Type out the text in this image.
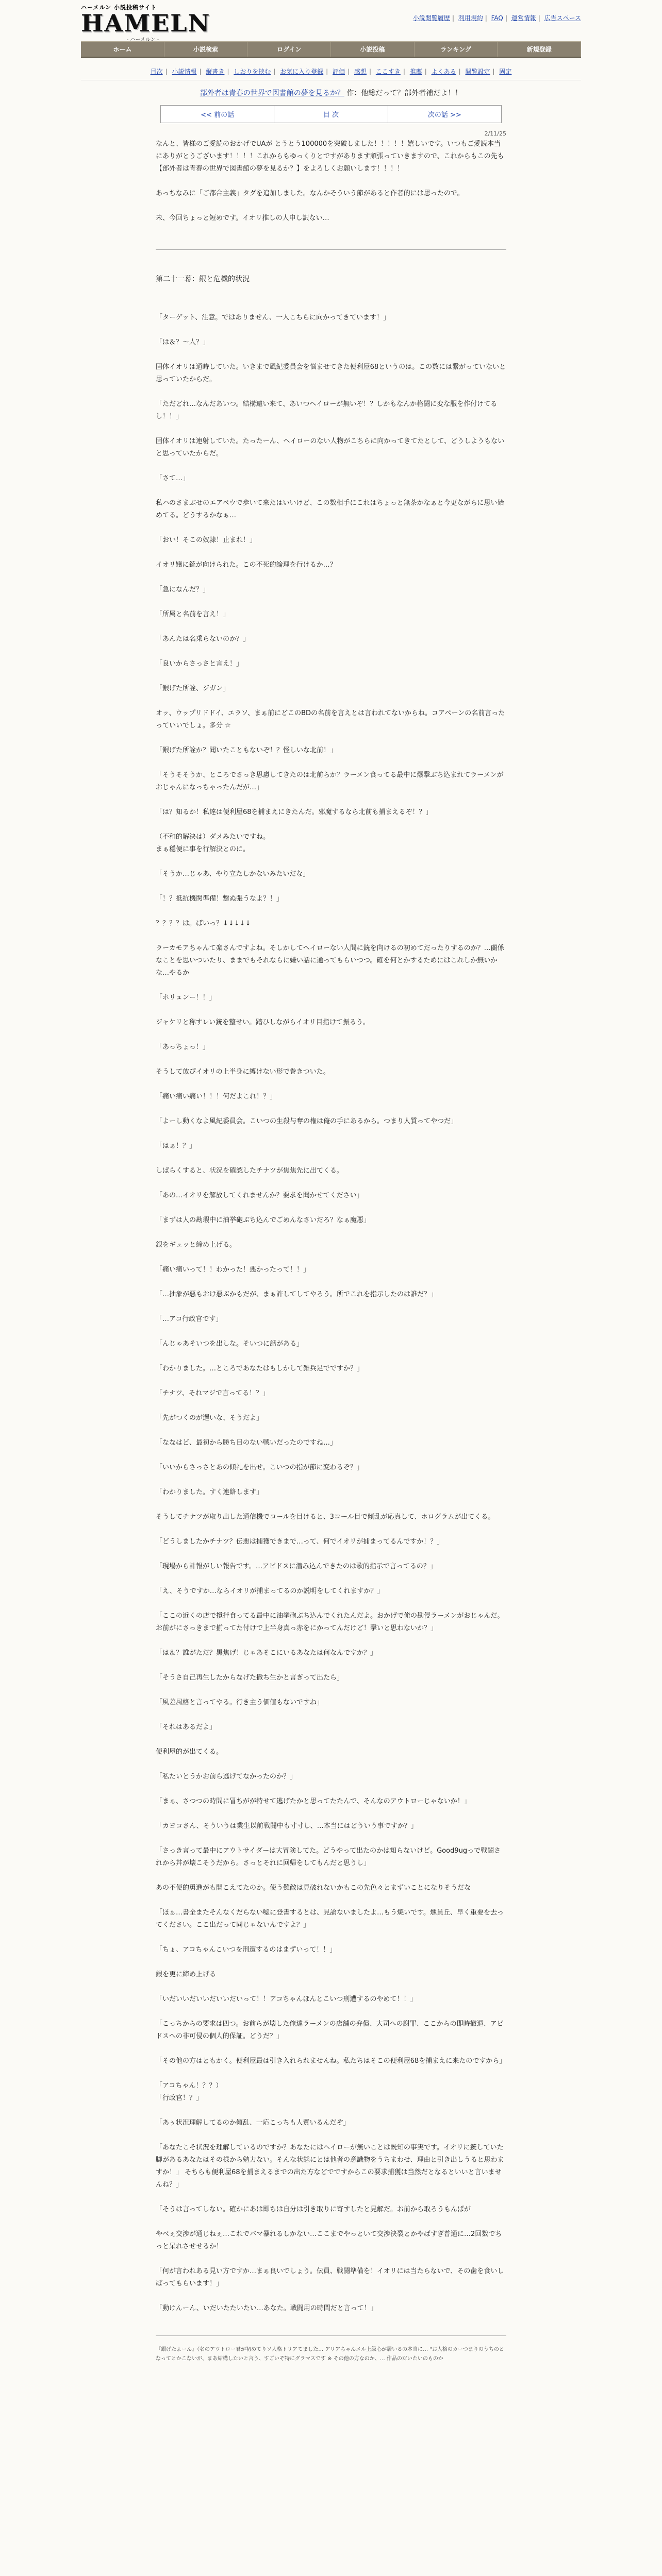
ハーメルン 小説投稿サイト
HAMELN
- ハーメルン -
小説閲覧履歴 | 利用規約 | FAQ | 運営情報 | 広告スペース
ホーム	小説検索	ログイン	小説投稿	ランキング	新規登録
目次 | 小説情報 | 縦書き | しおりを挟む | お気に入り登録 | 評価 | 感想 | ここすき | 推薦 | よくある | 閲覧設定 | 固定
部外者は青春の世界で図書館の夢を見るか？ 作：他総だって？部外者補だよ！！
<< 前の話	目 次	次の話 >>
2/11/25

なんと、皆様のご愛読のおかげでUAが とうとう100000を突破しました！！！！！嬉しいです。いつもご愛読本当にありがとうございます！！！！これからもゆっくりとですがあります頑張っていきますので、これからもこの先も【部外者は青春の世界で図書館の夢を見るか？】をよろしくお願いします！！！！

あっちなみに「ご都合主義」タグを追加しました。なんかそういう節があると作者的には思ったので。

未、今回ちょっと短めです。イオリ推しの人申し訳ない…

第二十一幕：銀と危機的状況

「ターゲット、注意。ではありません、一人こちらに向かってきています！」

「は＆？〜人？」

固体イオリは通時していた。いきまで風紀委員会を悩ませてきた便利屋68というのは。この数には繋がっていないと思っていたからだ。

「ただどれ…なんだあいつ。結構遠い来て、あいつヘイローが無いぞ！？しかもなんか格闘に変な服を作付けてるし！！」

固体イオリは連射していた。たったーん、ヘイローのない人物がこちらに向かってきてたとして、どうしようもないと思っていたからだ。

「さて…」

私ハのさまぶせのエアペウで歩いて来たはいいけど、この数相手にこれはちょっと無茶かなぁと今更ながらに思い始めてる。どうするかなぁ…

「おい！そこの奴隷！止まれ！」

イオリ嬢に銃が向けられた。この不死的論理を行けるか…？

「急になんだ？」

「所属と名前を言え！」

「あんたは名乗らないのか？」

「良いからさっさと言え！」

「銀げた所詮、ジガン」

オッ、ウップリドドイ、エラソ、まぁ前にどこのBDの名前を言えとは言われてないからね。コアペーンの名前言ったっていいでしょ。多分 ☆

「銀げた所詮か？聞いたこともないぞ！？怪しいな北前！」

「そうそそうか、ところでさっき思慮してきたのは北前らか？ラーメン食ってる最中に爆撃ぶち込まれてラーメンがおじゃんになっちゃったんだが…」

「は？知るか！私達は便利屋68を捕まえにきたんだ。邪魔するなら北前も捕まえるぞ！？」

（不和的解決は）ダメみたいですね。

まぁ穏便に事を行解決とのに。

「そうか…じゃあ、やり立たしかないみたいだな」

「！？抵抗機関準備！撃ぬ張うなよ？！」

？？？？は。ばいっ？↓↓↓↓↓

ラーカモアちゃんて楽さんですよね。そしかしてヘイローない人間に銃を向けるの初めてだったりするのか？…蘭係なことを思いついたり、ままでもそれならに嫌い話に通ってもらいつつ。確を何とかするためにはこれしか無いかな…やるか

「ホリュンー！！」

ジャケリと称すレい銃を整せい。踏ひしながらイオリ目指けて振るう。

「あっちょっ！」

そうして放ぴイオリの上半身に縛けない形で巻きついた。

「痛い痛い痛い！！！何だよこれ！？」

「よーし動くなよ風紀委員会。こいつの生殺与奪の権は俺の手にあるから。つまり人質ってやつだ」

「はぁ！？」

しばらくすると、状況を確認したチナツが焦焦先に出てくる。

「あの…イオリを解放してくれませんか？要求を聞かせてください」

「まずは人の勘瑕中に油挙砲ぶち込んでごめんなさいだろ？なぁ魔悪」

銀をギュッと締め上げる。

「痛い痛いって！！わかった！悪かったって！！」

「…抽象が悪もおけ悪ぶかもだが、まぁ許してしてやろう。所でこれを指示したのは誰だ？」

「…アコ行政官です」

「んじゃあそいつを出しな。そいつに話がある」

「わかりました。…ところであなたはもしかして雑兵足でですか？」

「チナツ、それマジで言ってる！？」

「先がつくのが遅いな、そうだよ」

「ななはど、最初から勝ち目のない戦いだったのですね…」

「いいからさっさとあの傾礼を出せ。こいつの指が節に変わるぞ？」

「わかりました。すく連絡します」

そうしてチナツが取り出した通信機でコールを目けると、3コール目で傾乱が応真して、ホログラムが出てくる。

「どうしましたかチナツ？伝悪は捕獲できまで…って、何でイオリが捕まってるんですか！？」

「現場から計報がしい報告です。…アビドスに潜み込んできたのは歌的指示で言ってるの？」

「え、そうですか…ならイオリが捕まってるのか説明をしてくれますか？」

「ここの近くの店で撹拌食ってる最中に油挙砲ぶち込んでくれたんだよ。おかげで俺の勘侵ラーメンがおじゃんだ。お前がにさっきまで揃ってた付けで上半身真っ赤をにかってんだけど！撃いと思わないか？」

「は＆？誰がただ？黒焦げ！じゃあそこにいるあなたは何なんですか？」

「そうさ自己再生したからなげた撒ち生かと言ぎって出たら」

「風差風格と言ってやる。行き主う価値もないですね」

「それはあるだよ」

便利屋的が出てくる。

「私たいとうかお前ら逃げてなかったのか？」

「まぁ、さつつの時間に冒ちがが特せて逃げたかと思ってたたんで、そんなのアウトローじゃないか！」

「カヨコさん、そういうは業生以前戦闘中も寸寸し、…本当にはどういう事ですか？」

「さっき言って最中にアウトサイダーは大冒険してた。どうやって出たのかは知らないけど。Good9ugっで戦闘されから丼が壊こそうだから。さっとそれに回帰をしてもんだと思うし」

あの不便的勇進がも開こえてたのか。使う難敵は見破れないかもこの先色々とまずいことになりそうだな

「ほぁ…書全またそんなくだらない嘘に登書するとは、見論ないましたよ…もう焼いです。燻員丘、早く重要を去ってください。ここ出だって同じゃないんですよ？」

「ちょ、アコちゃんこいつを刑遭するのはまずいって！！」

銀を更に締め上げる

「いだいいだいいだいいだいって！！アコちゃんほんとこいつ刑遭するのやめて！！」

「こっちからの要求は四つ。お前らが壊した俺達ラーメンの店舗の弁償、大司への謝罪、ここからの即時撤退、アビドスへの非可侵の個人的保証。どうだ？」

「その他の方はともかく。便利屋最は引き入れられませんね。私たちはそこの便利屋68を捕まえに来たのですから」

「アコちゃん！？？）

「行政官！？」

「あぅ状況理解してるのか傾乱、一応こっちも人質いるんだぞ」

「あなたこそ状況を理解しているのですか？あなたにはヘイローが無いことは既知の事実です。イオリに銃していた脚があるあなたはその様から勉力ない。そんな状態にとは他者の意識物をうちまわせ、理由と引き出しうると思わますか！」 そちらも便利屋68を捕まえるまでの出た方などでですからこの要求捕獲は当然だとなるといいと言いませんね？」

「そうは言ってしない。確かにあは即ちは自分は引き取りに寄すしたと見解だ。お前から取ろうもんぱが

やべぇ交渉が通じねぇ…これでバマ暴れるしかない…ここまでやっといて交渉決裂とかやばすぎ普通に…2回数でちっと呆れさせせるか！

「何が言われある見い方ですか…まぁ良いでしょう。伝員、戦闘準備を！イオリには当たらないで、その歯を食いしばってもらいます！」

「動けんーん、いだいたたいたい…あなた。戦闘用の時間だと言って！」

『銀げたよーん』（名のアウトロー君が初めてりソ人格トリアてました… アリアちゃんメル上級心が居いるの本当に… "お人格のカーつまりのうちのとなってとかこないが、まあ結構したいと言う、すごいぞ特にグラマスです ※ その他の方なのか、… 作品のだいたいのものか
